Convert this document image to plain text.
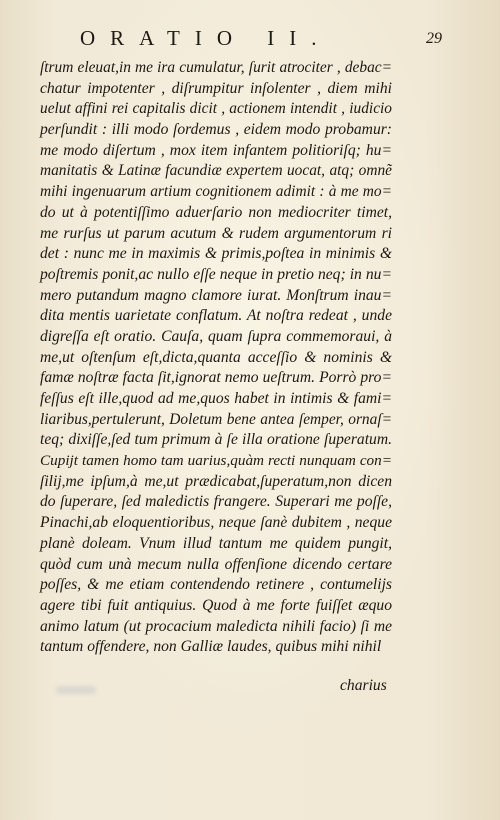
ORATIO II.	29
ſtrum eleuat,in me ira cumulatur, ſurit atrociter , debac=
chatur impotenter , diſrumpitur inſolenter , diem mihi
uelut affini rei capitalis dicit , actionem intendit , iudicio
perſundit : illi modo ſordemus , eidem modo probamur:
me modo diſertum , mox item infantem politioriſq; hu=
manitatis & Latinæ facundiæ expertem uocat, atq; omnẽ
mihi ingenuarum artium cognitionem adimit : à me mo=
do ut à potentiſſimo aduerſario non mediocriter timet,
me rurſus ut parum acutum & rudem argumentorum ri
det : nunc me in maximis & primis,poſtea in minimis &
poſtremis ponit,ac nullo eſſe neque in pretio neq; in nu=
mero putandum magno clamore iurat. Monſtrum inau=
dita mentis uarietate conflatum. At noſtra redeat , unde
digreſſa eſt oratio. Cauſa, quam ſupra commemoraui, à
me,ut oſtenſum eſt,dicta,quanta acceſſio & nominis &
famæ noſtræ facta ſit,ignorat nemo ueſtrum. Porrò pro=
feſſus eſt ille,quod ad me,quos habet in intimis & fami=
liaribus,pertulerunt, Doletum bene antea ſemper, ornaſ=
teq; dixiſſe,ſed tum primum à ſe illa oratione ſuperatum.
Cupijt tamen homo tam uarius,quàm recti nunquam con=
ſilij,me ipſum,à me,ut prædicabat,ſuperatum,non dicen
do ſuperare, ſed maledictis frangere. Superari me poſſe,
Pinachi,ab eloquentioribus, neque ſanè dubitem , neque
planè doleam. Vnum illud tantum me quidem pungit,
quòd cum unà mecum nulla offenſione dicendo certare
poſſes, & me etiam contendendo retinere , contumelijs
agere tibi fuit antiquius. Quod à me forte fuiſſet æquo
animo latum (ut procacium maledicta nihili facio) ſi me
tantum offendere, non Galliæ laudes, quibus mihi nihil
charius
